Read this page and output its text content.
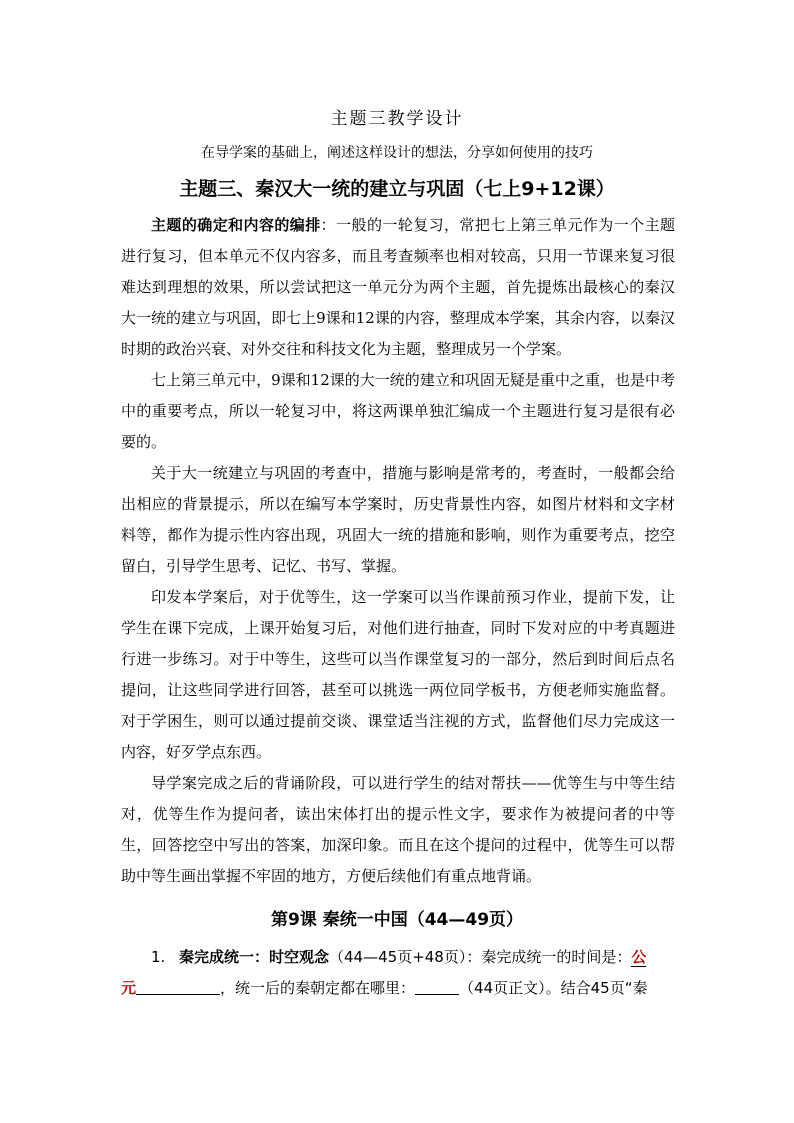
主题三教学设计
在导学案的基础上，阐述这样设计的想法，分享如何使用的技巧
主题三、秦汉大一统的建立与巩固（七上9+12课）

主题的确定和内容的编排：一般的一轮复习，常把七上第三单元作为一个主题进行复习，但本单元不仅内容多，而且考查频率也相对较高，只用一节课来复习很难达到理想的效果，所以尝试把这一单元分为两个主题，首先提炼出最核心的秦汉大一统的建立与巩固，即七上9课和12课的内容，整理成本学案，其余内容，以秦汉时期的政治兴衰、对外交往和科技文化为主题，整理成另一个学案。

七上第三单元中，9课和12课的大一统的建立和巩固无疑是重中之重，也是中考中的重要考点，所以一轮复习中，将这两课单独汇编成一个主题进行复习是很有必要的。

关于大一统建立与巩固的考查中，措施与影响是常考的，考查时，一般都会给出相应的背景提示，所以在编写本学案时，历史背景性内容，如图片材料和文字材料等，都作为提示性内容出现，巩固大一统的措施和影响，则作为重要考点，挖空留白，引导学生思考、记忆、书写、掌握。

印发本学案后，对于优等生，这一学案可以当作课前预习作业，提前下发，让学生在课下完成，上课开始复习后，对他们进行抽查，同时下发对应的中考真题进行进一步练习。对于中等生，这些可以当作课堂复习的一部分，然后到时间后点名提问，让这些同学进行回答，甚至可以挑选一两位同学板书，方便老师实施监督。对于学困生，则可以通过提前交谈、课堂适当注视的方式，监督他们尽力完成这一内容，好歹学点东西。

导学案完成之后的背诵阶段，可以进行学生的结对帮扶——优等生与中等生结对，优等生作为提问者，读出宋体打出的提示性文字，要求作为被提问者的中等生，回答挖空中写出的答案，加深印象。而且在这个提问的过程中，优等生可以帮助中等生画出掌握不牢固的地方，方便后续他们有重点地背诵。

第9课 秦统一中国（44—49页）
1. 秦完成统一：时空观念（44—45页+48页）：秦完成统一的时间是：公
元	，统一后的秦朝定都在哪里：	（44页正文）。结合45页“秦
